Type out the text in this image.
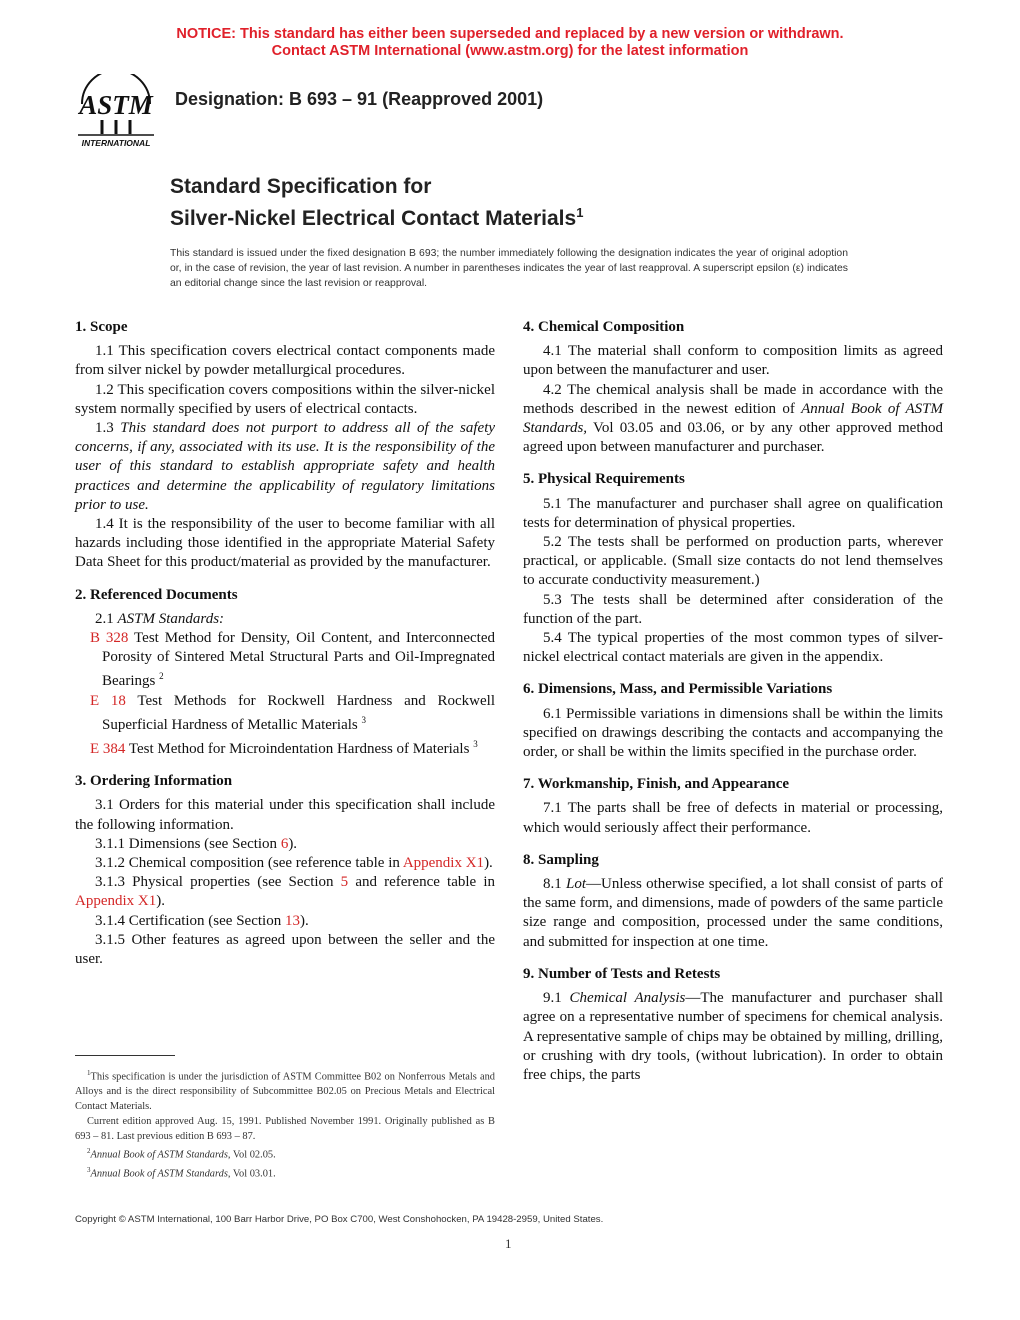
NOTICE: This standard has either been superseded and replaced by a new version or withdrawn.
Contact ASTM International (www.astm.org) for the latest information
ASTM
INTERNATIONAL
Designation: B 693 – 91 (Reapproved 2001)
Standard Specification for
Silver-Nickel Electrical Contact Materials$^1$
This standard is issued under the fixed designation B 693; the number immediately following the designation indicates the year of original adoption or, in the case of revision, the year of last revision. A number in parentheses indicates the year of last reapproval. A superscript epsilon (ε) indicates an editorial change since the last revision or reapproval.
1. Scope

1.1 This specification covers electrical contact components made from silver nickel by powder metallurgical procedures.

1.2 This specification covers compositions within the silver-nickel system normally specified by users of electrical contacts.

1.3 This standard does not purport to address all of the safety concerns, if any, associated with its use. It is the responsibility of the user of this standard to establish appropriate safety and health practices and determine the applicability of regulatory limitations prior to use.

1.4 It is the responsibility of the user to become familiar with all hazards including those identified in the appropriate Material Safety Data Sheet for this product/material as provided by the manufacturer.

2. Referenced Documents

2.1 ASTM Standards:

B 328 Test Method for Density, Oil Content, and Interconnected Porosity of Sintered Metal Structural Parts and Oil-Impregnated Bearings $^2$

E 18 Test Methods for Rockwell Hardness and Rockwell Superficial Hardness of Metallic Materials $^3$

E 384 Test Method for Microindentation Hardness of Materials $^3$

3. Ordering Information

3.1 Orders for this material under this specification shall include the following information.

3.1.1 Dimensions (see Section 6).

3.1.2 Chemical composition (see reference table in Appendix X1).

3.1.3 Physical properties (see Section 5 and reference table in Appendix X1).

3.1.4 Certification (see Section 13).

3.1.5 Other features as agreed upon between the seller and the user.

4. Chemical Composition

4.1 The material shall conform to composition limits as agreed upon between the manufacturer and user.

4.2 The chemical analysis shall be made in accordance with the methods described in the newest edition of Annual Book of ASTM Standards, Vol 03.05 and 03.06, or by any other approved method agreed upon between manufacturer and purchaser.

5. Physical Requirements

5.1 The manufacturer and purchaser shall agree on qualification tests for determination of physical properties.

5.2 The tests shall be performed on production parts, wherever practical, or applicable. (Small size contacts do not lend themselves to accurate conductivity measurement.)

5.3 The tests shall be determined after consideration of the function of the part.

5.4 The typical properties of the most common types of silver-nickel electrical contact materials are given in the appendix.

6. Dimensions, Mass, and Permissible Variations

6.1 Permissible variations in dimensions shall be within the limits specified on drawings describing the contacts and accompanying the order, or shall be within the limits specified in the purchase order.

7. Workmanship, Finish, and Appearance

7.1 The parts shall be free of defects in material or processing, which would seriously affect their performance.

8. Sampling

8.1 Lot—Unless otherwise specified, a lot shall consist of parts of the same form, and dimensions, made of powders of the same particle size range and composition, processed under the same conditions, and submitted for inspection at one time.

9. Number of Tests and Retests

9.1 Chemical Analysis—The manufacturer and purchaser shall agree on a representative number of specimens for chemical analysis. A representative sample of chips may be obtained by milling, drilling, or crushing with dry tools, (without lubrication). In order to obtain free chips, the parts

$^1$This specification is under the jurisdiction of ASTM Committee B02 on Nonferrous Metals and Alloys and is the direct responsibility of Subcommittee B02.05 on Precious Metals and Electrical Contact Materials.

Current edition approved Aug. 15, 1991. Published November 1991. Originally published as B 693 – 81. Last previous edition B 693 – 87.

$^2$Annual Book of ASTM Standards, Vol 02.05.

$^3$Annual Book of ASTM Standards, Vol 03.01.

Copyright © ASTM International, 100 Barr Harbor Drive, PO Box C700, West Conshohocken, PA 19428-2959, United States.
1
